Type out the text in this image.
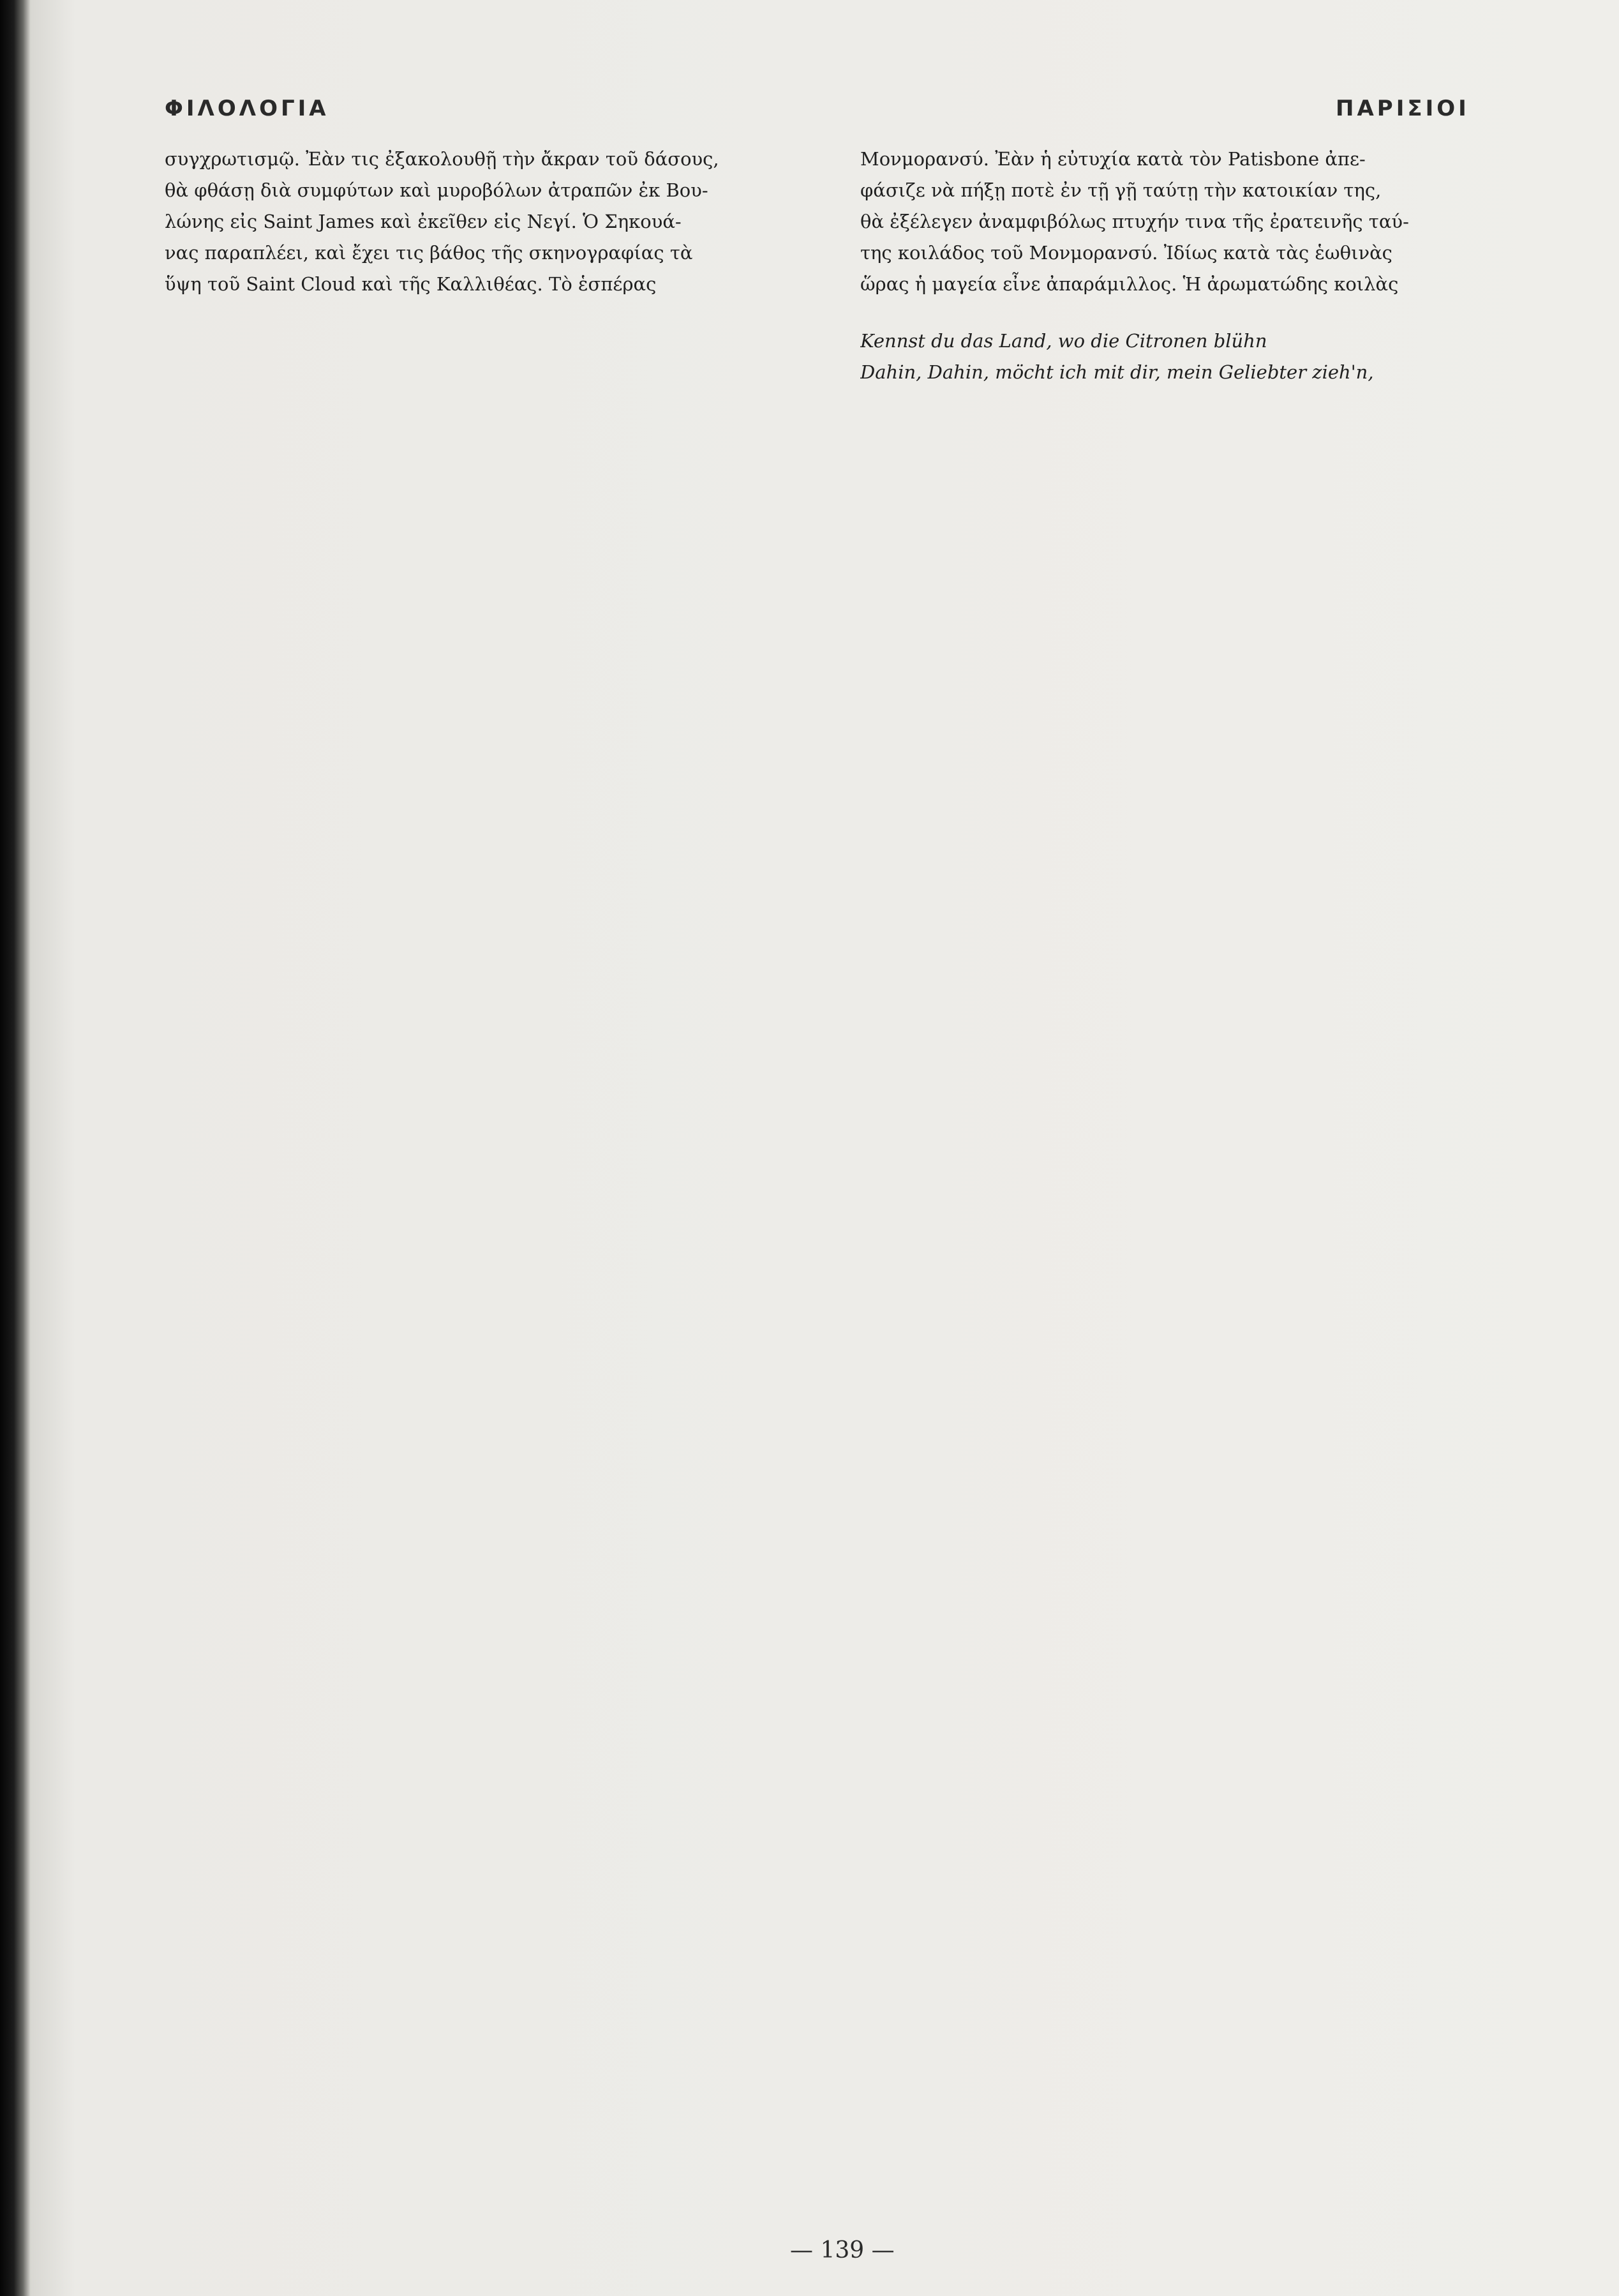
ΦΙΛΟΛΟΓΙΑ	ΠΑΡΙΣΙΟΙ
συγχρωτισμῷ. Ἐὰν τις ἐξακολουθῇ τὴν ἄκραν τοῦ δάσους,
θὰ φθάσῃ διὰ συμφύτων καὶ μυροβόλων ἀτραπῶν ἐκ Βου-
λώνης εἰς Saint James καὶ ἐκεῖθεν εἰς Νεγί. Ὁ Σηκουά-
νας παραπλέει, καὶ ἔχει τις βάθος τῆς σκηνογραφίας τὰ
ὕψη τοῦ Saint Cloud καὶ τῆς Καλλιθέας. Τὸ ἑσπέρας
Μονμορανσύ. Ἐὰν ἡ εὐτυχία κατὰ τὸν Patisbone ἀπε-
φάσιζε νὰ πήξῃ ποτὲ ἐν τῇ γῇ ταύτῃ τὴν κατοικίαν της,
θὰ ἐξέλεγεν ἀναμφιβόλως πτυχήν τινα τῆς ἐρατεινῆς ταύ-
της κοιλάδος τοῦ Μονμορανσύ. Ἰδίως κατὰ τὰς ἑωθινὰς
ὥρας ἡ μαγεία εἶνε ἀπαράμιλλος. Ἡ ἀρωματώδης κοιλὰς
Kennst du das Land, wo die Citronen blühn
Dahin, Dahin, möcht ich mit dir, mein Geliebter zieh'n,
— 139 —
